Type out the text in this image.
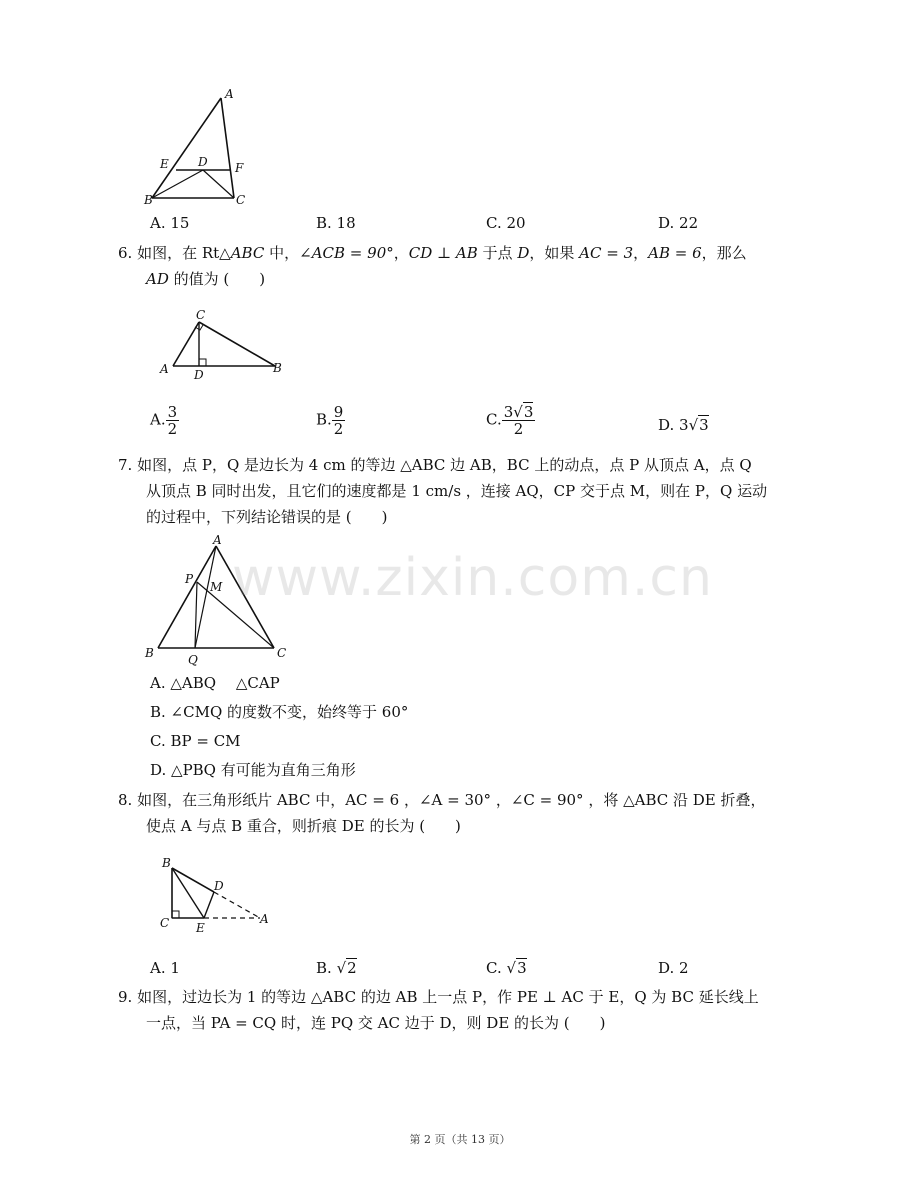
A
E D F
B	C
A. 15	B. 18	C. 20	D. 22
6. 如图，在 Rt△ABC 中，∠ACB = 90°，CD ⊥ AB 于点 D，如果 AC = 3，AB = 6，那么
AD 的值为 (　　)
C
A D	B
A. $\frac{3}{2}$	B. $\frac{9}{2}$	C. $\frac{3√3}{2}$	D. 3√3
7. 如图，点 P，Q 是边长为 4 cm 的等边 △ABC 边 AB，BC 上的动点，点 P 从顶点 A，点 Q
从顶点 B 同时出发，且它们的速度都是 1 cm/s ，连接 AQ，CP 交于点 M，则在 P，Q 运动
的过程中，下列结论错误的是 (　　)
A
P
M
B	Q	C
A. △ABQ　 △CAP
B. ∠CMQ 的度数不变，始终等于 60°
C. BP = CM
D. △PBQ 有可能为直角三角形
8. 如图，在三角形纸片 ABC 中，AC = 6 ，∠A = 30° ，∠C = 90° ，将 △ABC 沿 DE 折叠，
使点 A 与点 B 重合，则折痕 DE 的长为 (　　)
B
D
C E
A
A. 1	B. √2	C. √3	D. 2
9. 如图，过边长为 1 的等边 △ABC 的边 AB 上一点 P，作 PE ⊥ AC 于 E，Q 为 BC 延长线上
一点，当 PA = CQ 时，连 PQ 交 AC 边于 D，则 DE 的长为 (　　)
www.zixin.com.cn
第 2 页（共 13 页）
